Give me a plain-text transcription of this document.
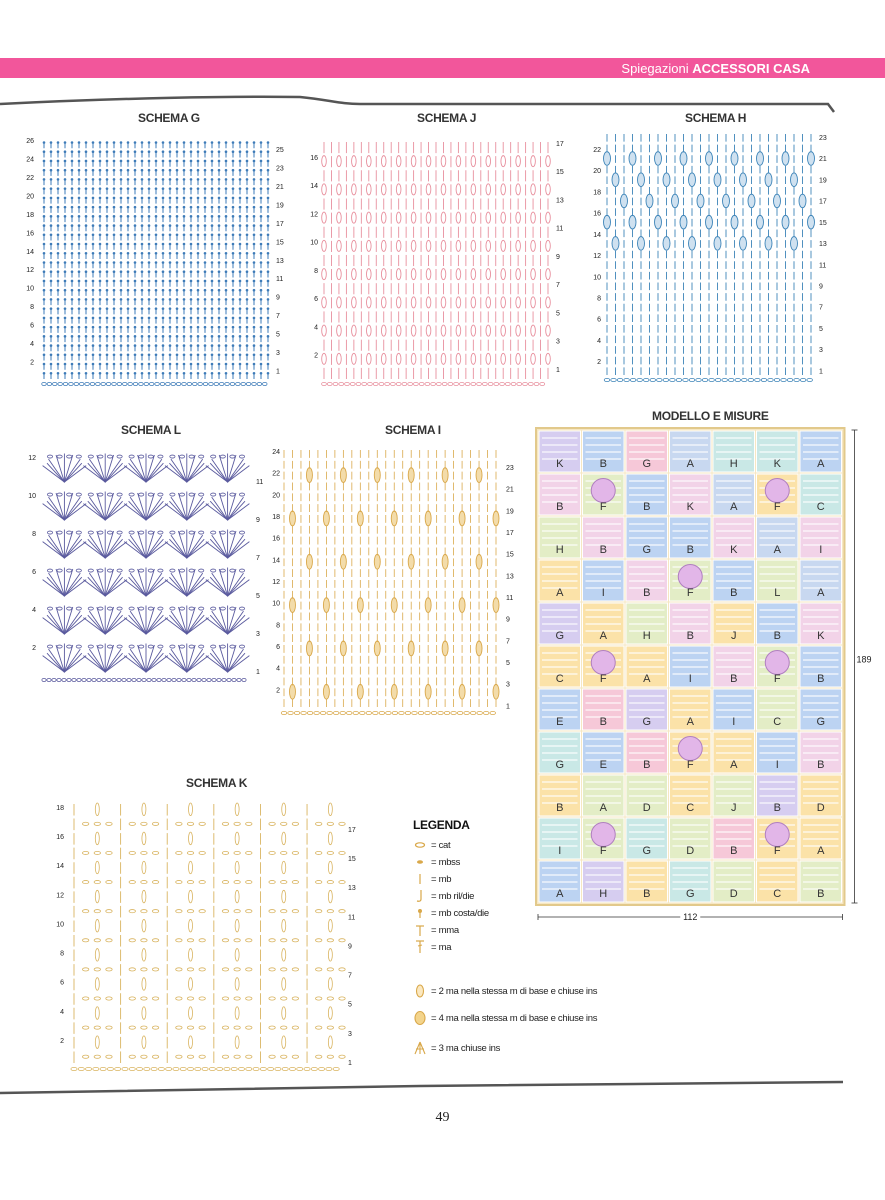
Spiegazioni ACCESSORI CASA
SCHEMA G	SCHEMA J	SCHEMA H
SCHEMA L	SCHEMA I
SCHEMA K
MODELLO E MISURE
26
24
22
20
18
16
14
12
10
8
6
4
2
25
23
21
19
17
15
13
11
9
7
5
3
1
16
14
12
10
8
6
4
2
17
15
13
11
9
7
5
3
1
22
20
18
16
14
12
10
8
6
4
2
23
21
19
17
15
13
11
9
7
5
3
1
12
10
8
6
4
2
11
9
7
5
3
1
24
22
20
18
16
14
12
10
8
6
4
2
23
21
19
17
15
13
11
9
7
5
3
1
18
16
14
12
10
8
6
4
2
17
15
13
11
9
7
5
3
1
K	B	G	A	H	K	A
B	F	B	K	A	F	C
H	B	G	B	K	A	I
A	I	B	F	B	L	A
G	A	H	B	J	B	K
C	F	A	I	B	F	B
E	B	G	A	I	C	G
G	E	B	F	A	I	B
B	A	D	C	J	B	D
I	F	G	D	B	F	A
A	H	B	G	D	C	B
189
112
LEGENDA
= cat
= mbss
= mb
= mb ril/die
= mb costa/die
= mma
= ma
= 2 ma nella stessa m di base e chiuse ins
= 4 ma nella stessa m di base e chiuse ins
= 3 ma chiuse ins
49
